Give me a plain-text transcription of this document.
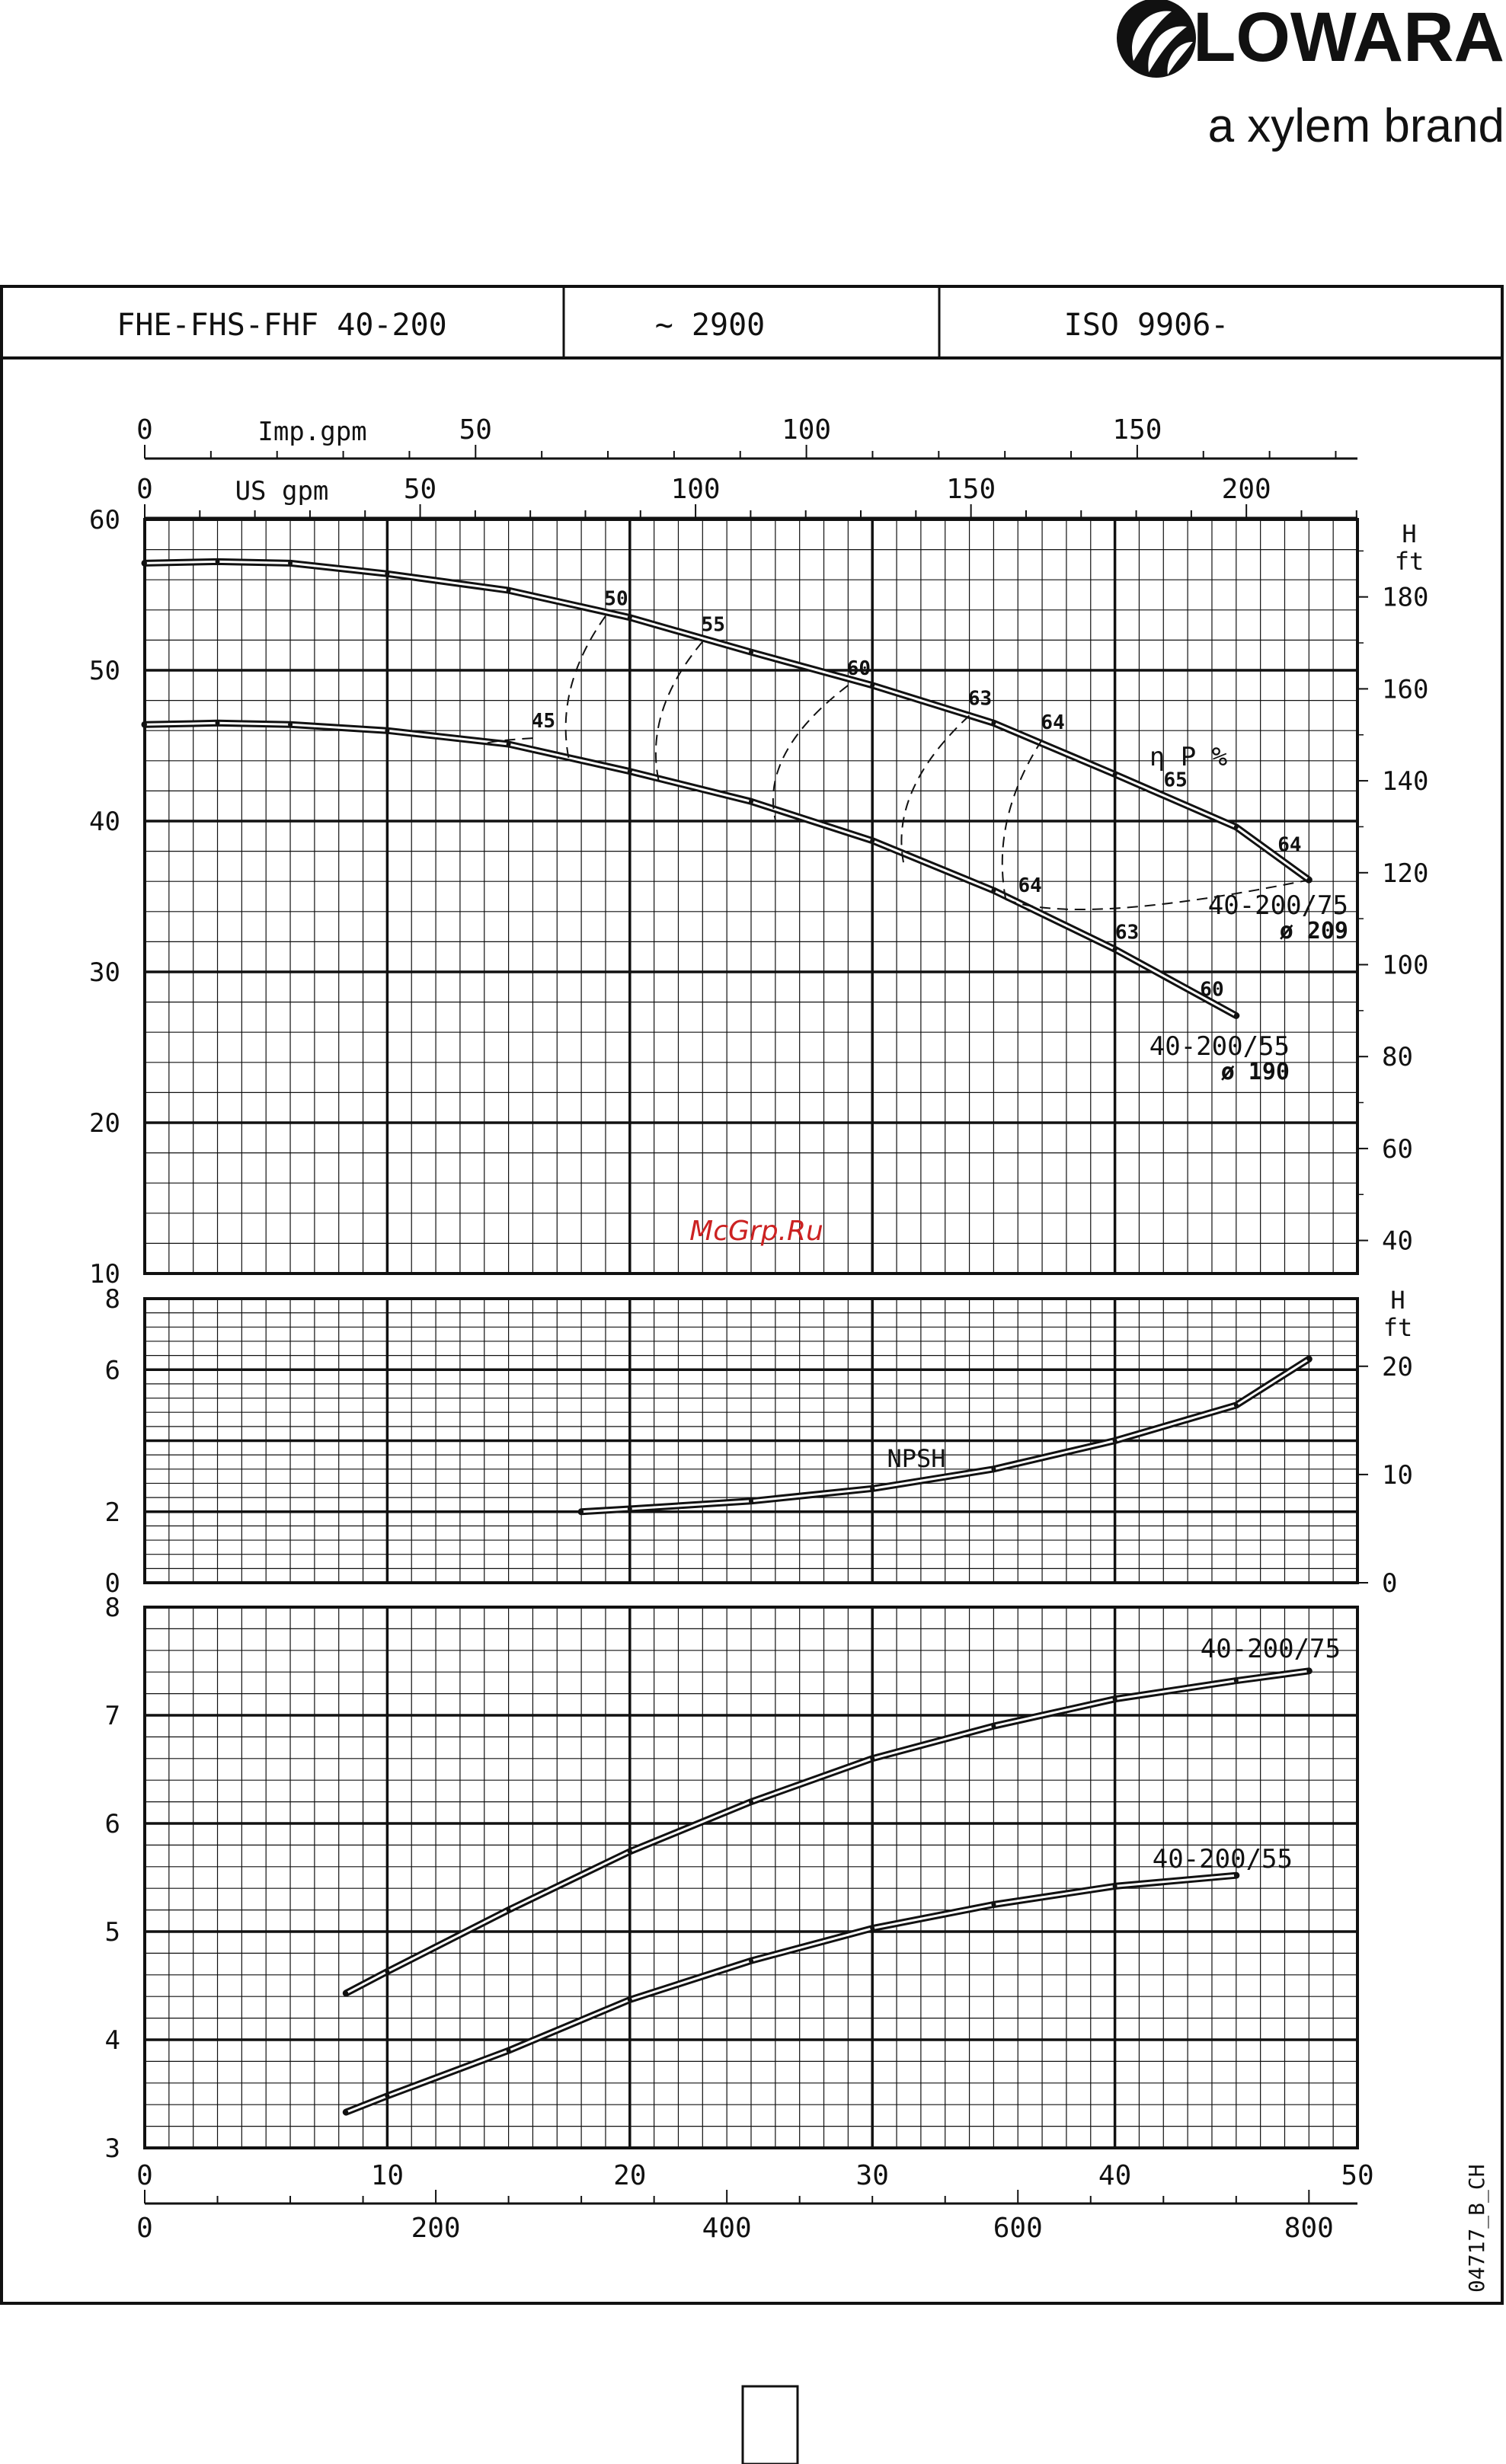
LOWARA
a xylem brand
FHE-FHS-FHF 40-200	~ 2900	ISO 9906-
10
20
30
40
50
60
40
60
80
100
120
140
160
180
0
2
6
8
0
10
20
3
4
5
6
7
8
45
50
55
60
63
64
65
64
64
63
60
0	50	100	150
0	50	100	150	200
0	10	20	30	40	50
0	200	400	600	800
Imp.gpm
US gpm
H
ft
H
ft
η P %
40-200/75
ø 209
40-200/55
ø 190
NPSH
40-200/75
40-200/55
McGrp.Ru
04717_B_CH
